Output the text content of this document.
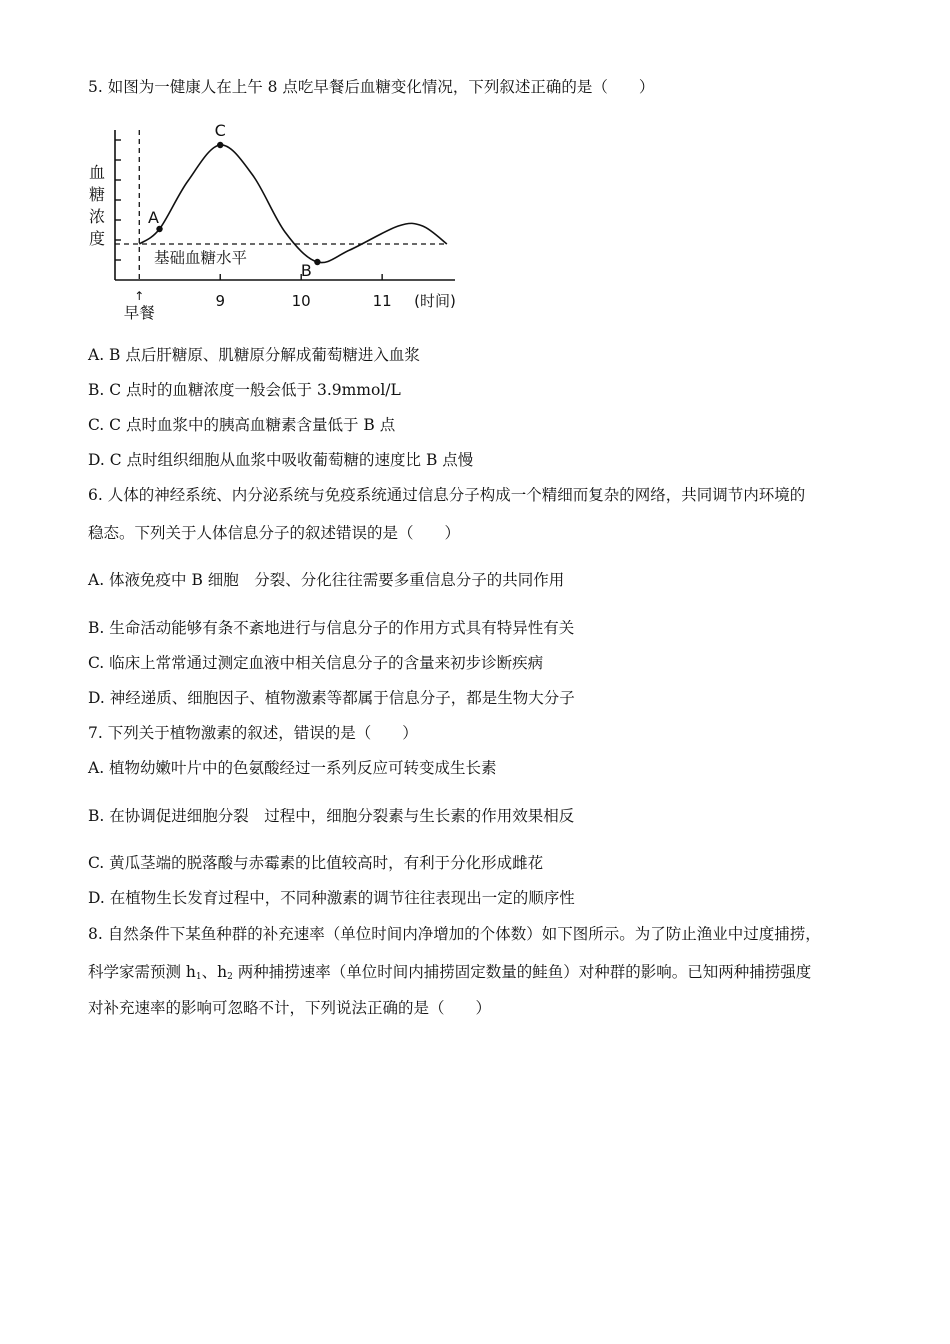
5. 如图为一健康人在上午 8 点吃早餐后血糖变化情况，下列叙述正确的是（　　）
血糖浓度
基础血糖水平
A
C
B
9	10	11 (时间)
↑
早餐
A. B 点后肝糖原、肌糖原分解成葡萄糖进入血浆
B. C 点时的血糖浓度一般会低于 3.9mmol/L
C. C 点时血浆中的胰高血糖素含量低于 B 点
D. C 点时组织细胞从血浆中吸收葡萄糖的速度比 B 点慢
6. 人体的神经系统、内分泌系统与免疫系统通过信息分子构成一个精细而复杂的网络，共同调节内环境的
稳态。下列关于人体信息分子的叙述错误的是（　　）
A. 体液免疫中 B 细胞　分裂、分化往往需要多重信息分子的共同作用
B. 生命活动能够有条不紊地进行与信息分子的作用方式具有特异性有关
C. 临床上常常通过测定血液中相关信息分子的含量来初步诊断疾病
D. 神经递质、细胞因子、植物激素等都属于信息分子，都是生物大分子
7. 下列关于植物激素的叙述，错误的是（　　）
A. 植物幼嫩叶片中的色氨酸经过一系列反应可转变成生长素
B. 在协调促进细胞分裂　过程中，细胞分裂素与生长素的作用效果相反
C. 黄瓜茎端的脱落酸与赤霉素的比值较高时，有利于分化形成雌花
D. 在植物生长发育过程中，不同种激素的调节往往表现出一定的顺序性
8. 自然条件下某鱼种群的补充速率（单位时间内净增加的个体数）如下图所示。为了防止渔业中过度捕捞，
科学家需预测 $h_1$、$h_2$ 两种捕捞速率（单位时间内捕捞固定数量的鲑鱼）对种群的影响。已知两种捕捞强度
对补充速率的影响可忽略不计，下列说法正确的是（　　）
